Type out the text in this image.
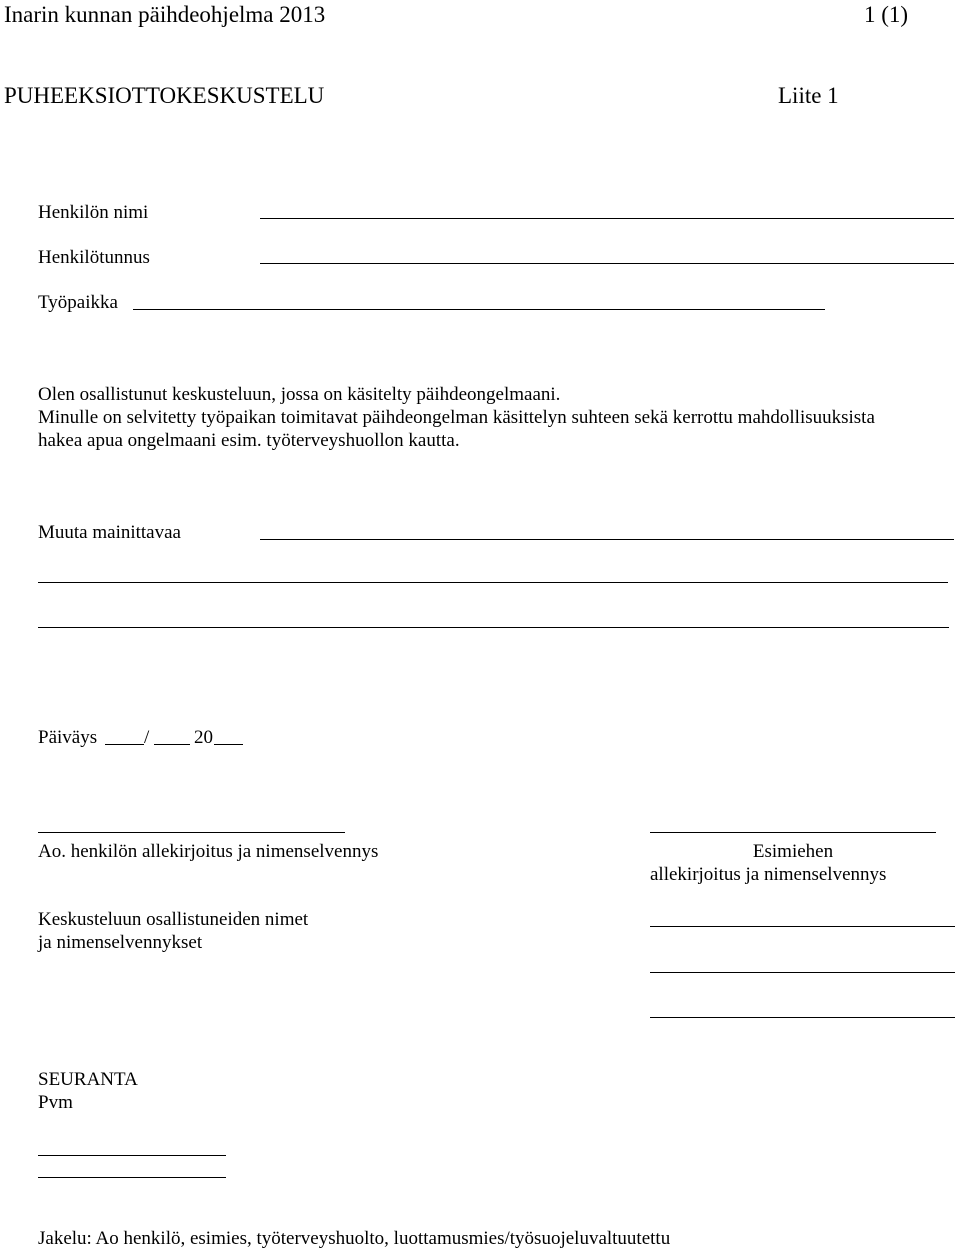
Inarin kunnan päihdeohjelma 2013	1 (1)
PUHEEKSIOTTOKESKUSTELU	Liite 1
Henkilön nimi
Henkilötunnus
Työpaikka
Olen osallistunut keskusteluun, jossa on käsitelty päihdeongelmaani.
Minulle on selvitetty työpaikan toimitavat päihdeongelman käsittelyn suhteen sekä kerrottu mahdollisuuksista
hakea apua ongelmaani esim. työterveyshuollon kautta.
Muuta mainittavaa
Päiväys / 20
Ao. henkilön allekirjoitus ja nimenselvennys	Esimiehen
allekirjoitus ja nimenselvennys
Keskusteluun osallistuneiden nimet
ja nimenselvennykset
SEURANTA
Pvm
Jakelu: Ao henkilö, esimies, työterveyshuolto, luottamusmies/työsuojeluvaltuutettu
